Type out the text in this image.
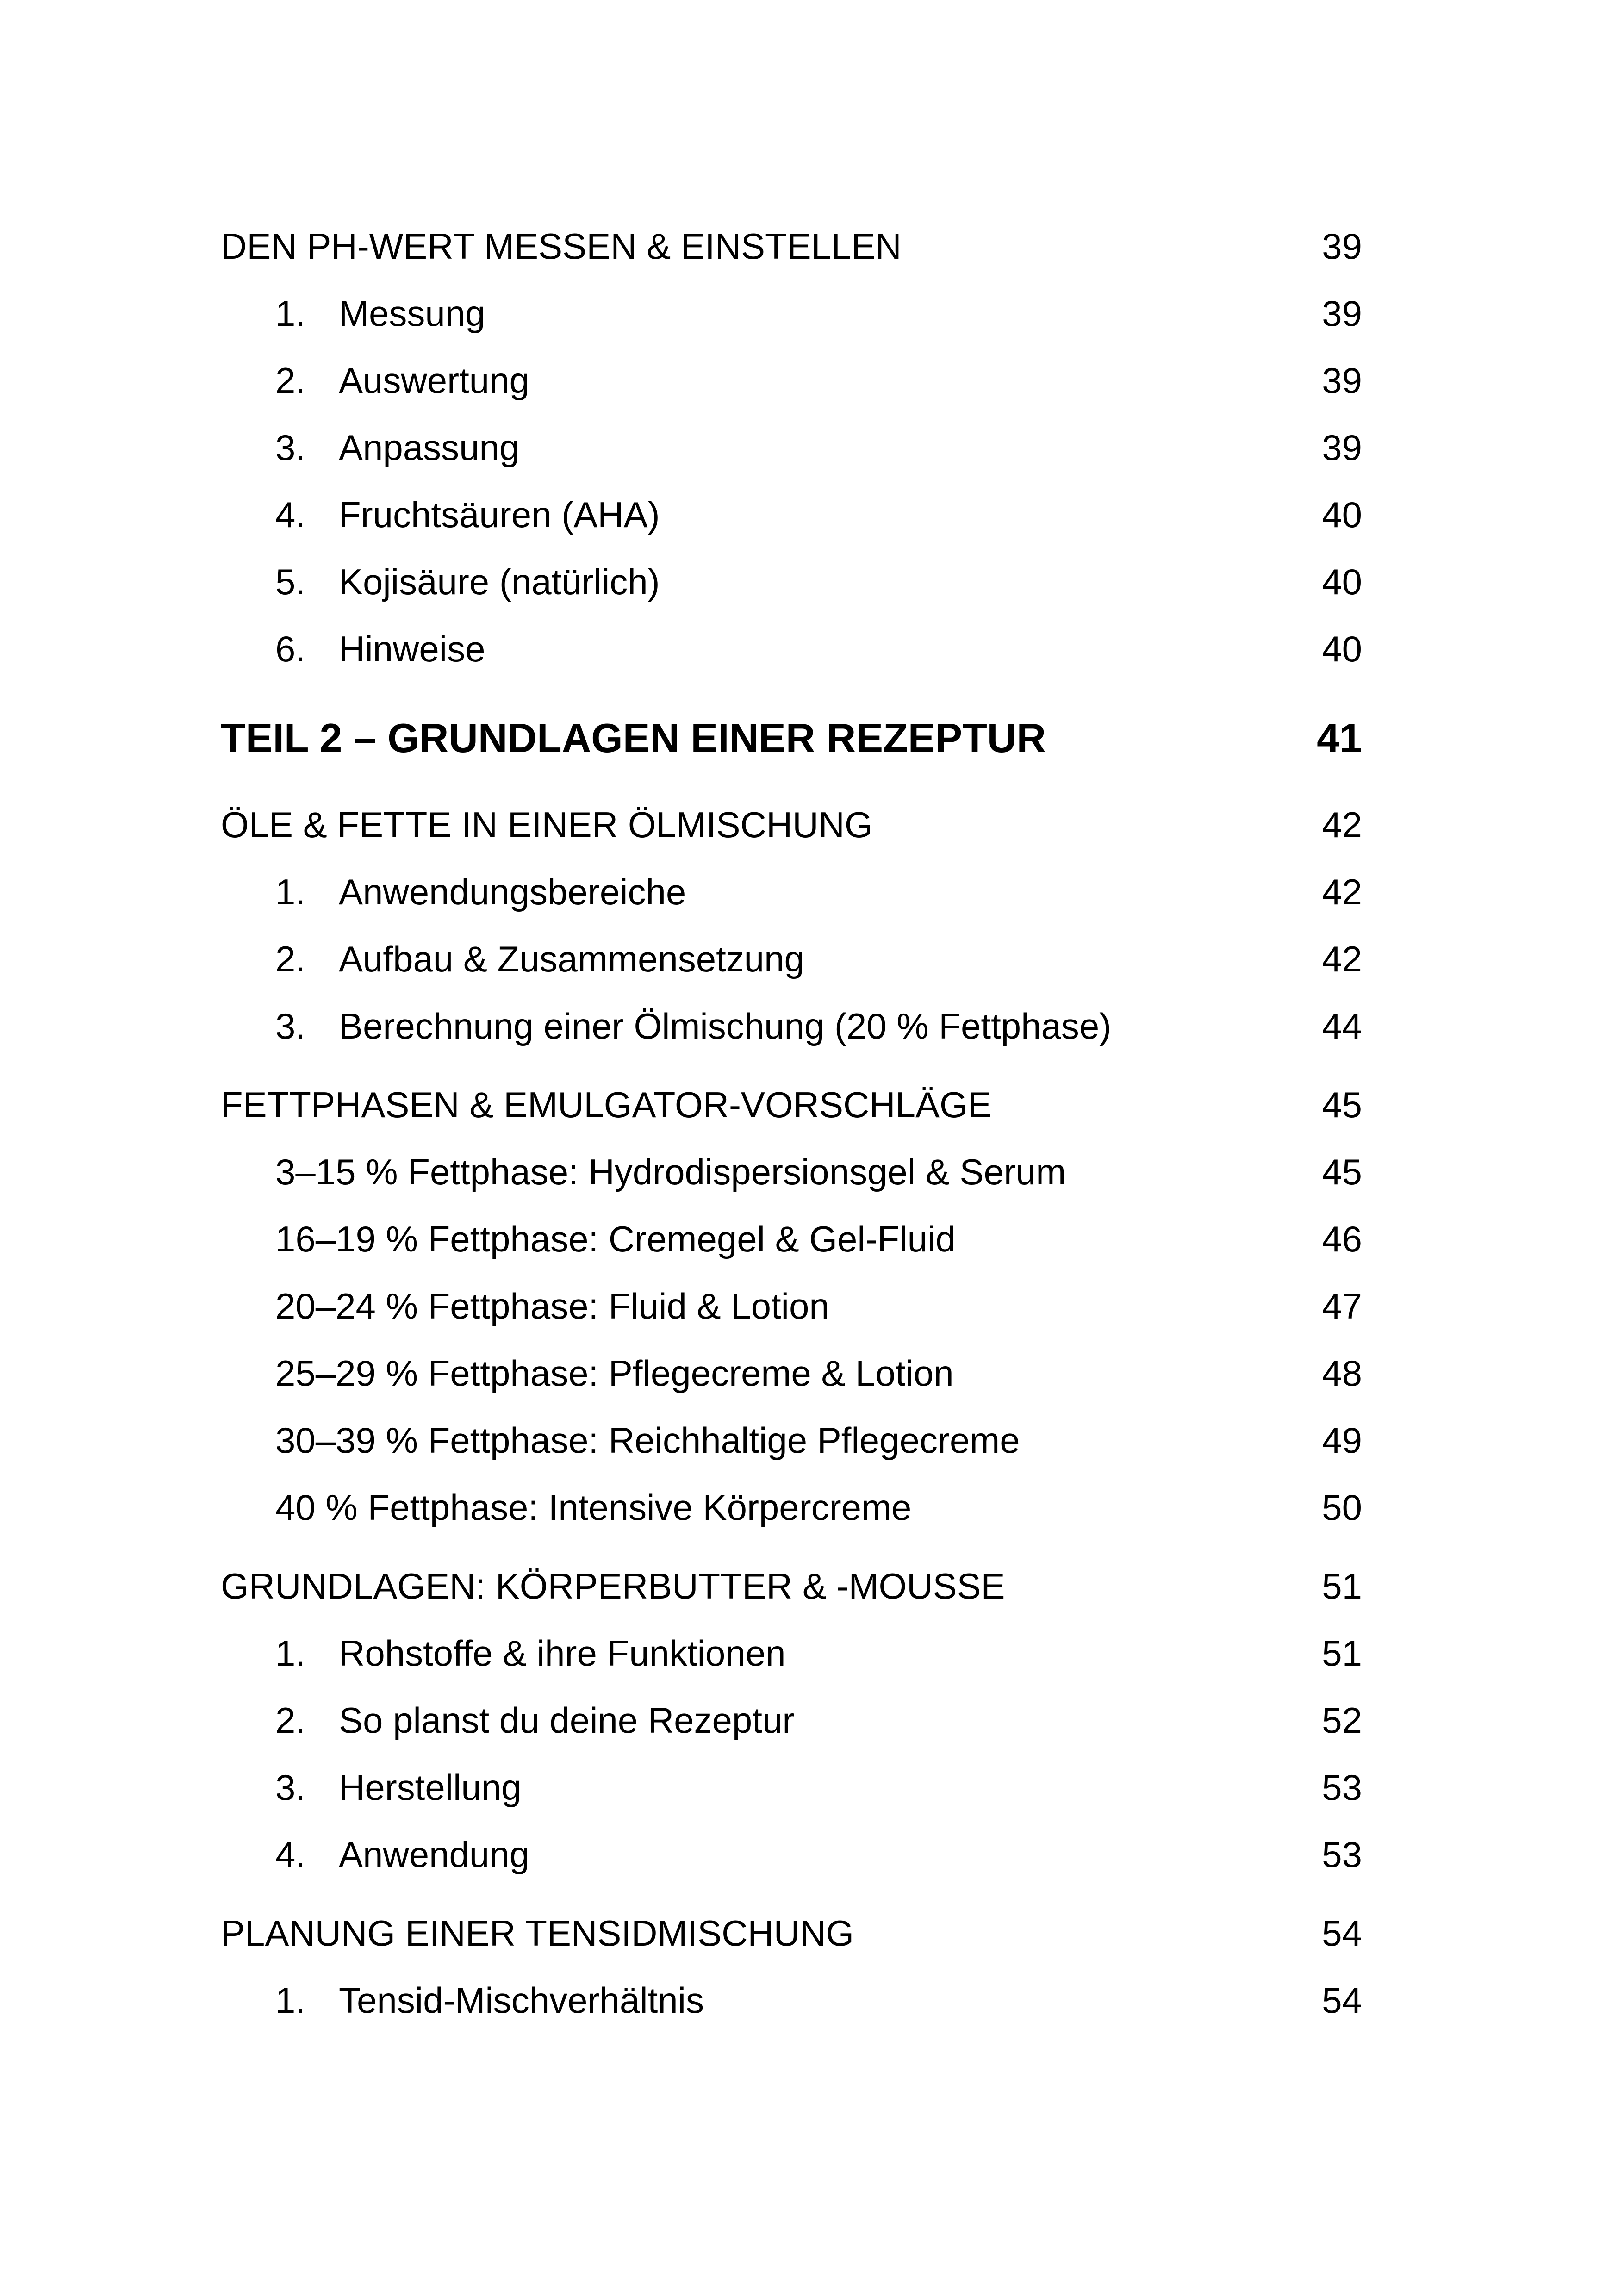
DEN PH-WERT MESSEN & EINSTELLEN	39
1. Messung	39
2. Auswertung	39
3. Anpassung	39
4. Fruchtsäuren (AHA)	40
5. Kojisäure (natürlich)	40
6. Hinweise	40
TEIL 2 – GRUNDLAGEN EINER REZEPTUR	41
ÖLE & FETTE IN EINER ÖLMISCHUNG	42
1. Anwendungsbereiche	42
2. Aufbau & Zusammensetzung	42
3. Berechnung einer Ölmischung (20 % Fettphase)	44
FETTPHASEN & EMULGATOR-VORSCHLÄGE	45
3–15 % Fettphase: Hydrodispersionsgel & Serum	45
16–19 % Fettphase: Cremegel & Gel-Fluid	46
20–24 % Fettphase: Fluid & Lotion	47
25–29 % Fettphase: Pflegecreme & Lotion	48
30–39 % Fettphase: Reichhaltige Pflegecreme	49
40 % Fettphase: Intensive Körpercreme	50
GRUNDLAGEN: KÖRPERBUTTER & -MOUSSE	51
1. Rohstoffe & ihre Funktionen	51
2. So planst du deine Rezeptur	52
3. Herstellung	53
4. Anwendung	53
PLANUNG EINER TENSIDMISCHUNG	54
1. Tensid-Mischverhältnis	54
